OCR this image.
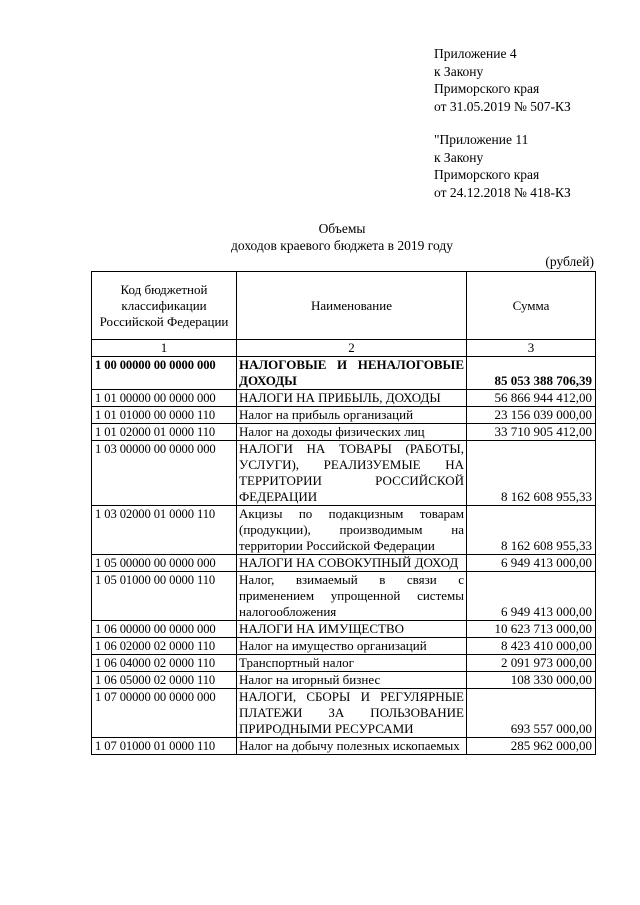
Приложение 4
к Закону
Приморского края
от 31.05.2019 № 507-КЗ
"Приложение 11
к Закону
Приморского края
от 24.12.2018 № 418-КЗ
Объемы
доходов краевого бюджета в 2019 году
(рублей)
Код бюджетной классификации Российской Федерации	Наименование	Сумма
1	2	3
1 00 00000 00 0000 000	НАЛОГОВЫЕ И НЕНАЛОГОВЫЕ ДОХОДЫ	85 053 388 706,39
1 01 00000 00 0000 000	НАЛОГИ НА ПРИБЫЛЬ, ДОХОДЫ	56 866 944 412,00
1 01 01000 00 0000 110	Налог на прибыль организаций	23 156 039 000,00
1 01 02000 01 0000 110	Налог на доходы физических лиц	33 710 905 412,00
1 03 00000 00 0000 000	НАЛОГИ НА ТОВАРЫ (РАБОТЫ, УСЛУГИ), РЕАЛИЗУЕМЫЕ НА ТЕРРИТОРИИ РОССИЙСКОЙ ФЕДЕРАЦИИ	8 162 608 955,33
1 03 02000 01 0000 110	Акцизы по подакцизным товарам (продукции), производимым на территории Российской Федерации	8 162 608 955,33
1 05 00000 00 0000 000	НАЛОГИ НА СОВОКУПНЫЙ ДОХОД	6 949 413 000,00
1 05 01000 00 0000 110	Налог, взимаемый в связи с применением упрощенной системы налогообложения	6 949 413 000,00
1 06 00000 00 0000 000	НАЛОГИ НА ИМУЩЕСТВО	10 623 713 000,00
1 06 02000 02 0000 110	Налог на имущество организаций	8 423 410 000,00
1 06 04000 02 0000 110	Транспортный налог	2 091 973 000,00
1 06 05000 02 0000 110	Налог на игорный бизнес	108 330 000,00
1 07 00000 00 0000 000	НАЛОГИ, СБОРЫ И РЕГУЛЯРНЫЕ ПЛАТЕЖИ ЗА ПОЛЬЗОВАНИЕ ПРИРОДНЫМИ РЕСУРСАМИ	693 557 000,00
1 07 01000 01 0000 110	Налог на добычу полезных ископаемых	285 962 000,00
